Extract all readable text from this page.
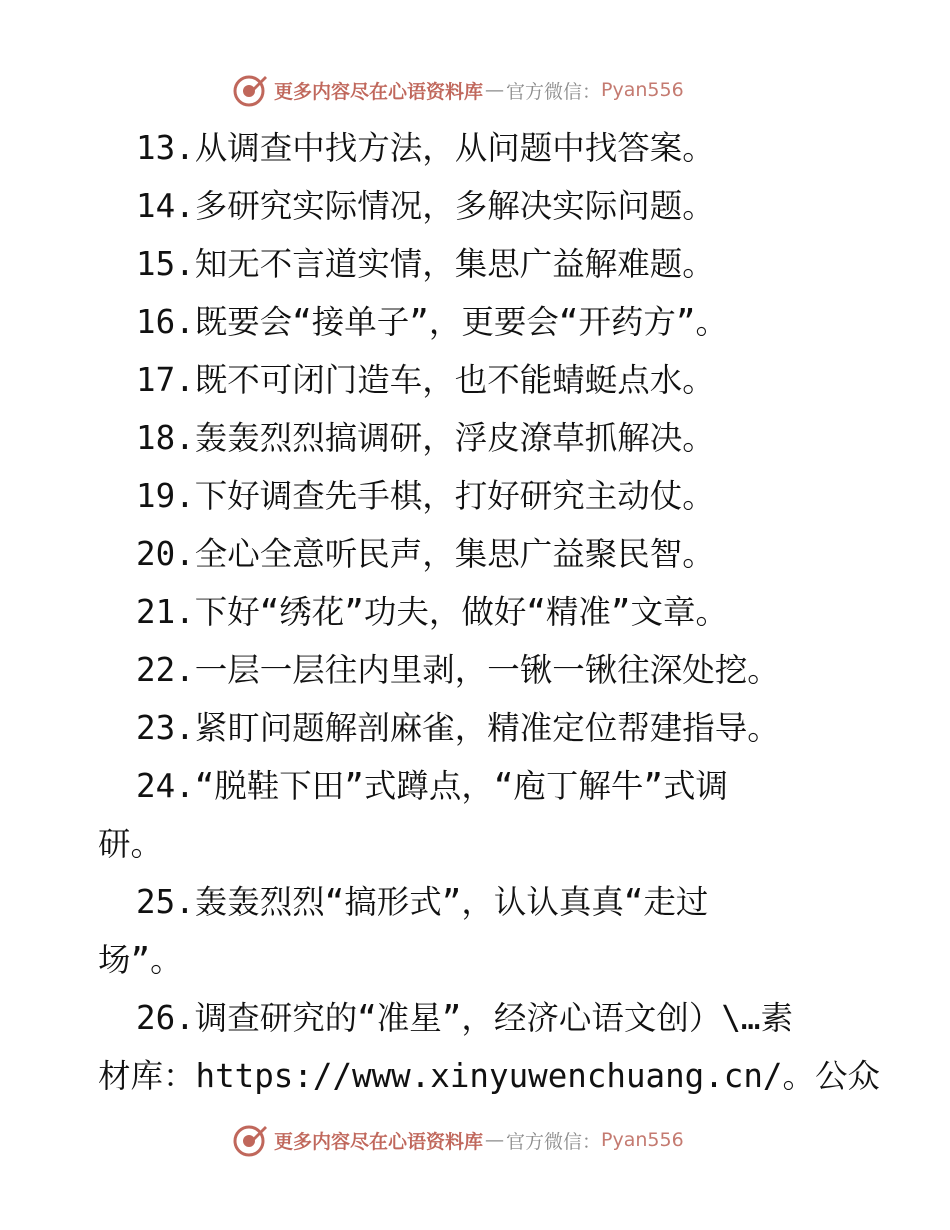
更多内容尽在心语资料库 — 官方微信： Pyan556
13.从调查中找方法，从问题中找答案。
14.多研究实际情况，多解决实际问题。
15.知无不言道实情，集思广益解难题。
16.既要会“接单子”，更要会“开药方”。
17.既不可闭门造车，也不能蜻蜓点水。
18.轰轰烈烈搞调研，浮皮潦草抓解决。
19.下好调查先手棋，打好研究主动仗。
20.全心全意听民声，集思广益聚民智。
21.下好“绣花”功夫，做好“精准”文章。
22.一层一层往内里剥，一锹一锹往深处挖。
23.紧盯问题解剖麻雀，精准定位帮建指导。
24.“脱鞋下田”式蹲点，“庖丁解牛”式调
研。
25.轰轰烈烈“搞形式”，认认真真“走过
场”。
26.调查研究的“准星”，经济心语文创）\…素
材库：https://www.xinyuwenchuang.cn/。公众
更多内容尽在心语资料库 — 官方微信： Pyan556
